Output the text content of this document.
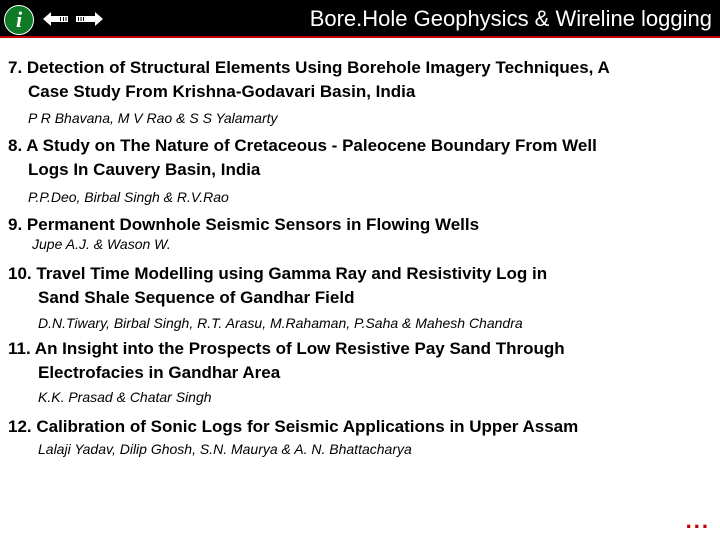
i	Bore.Hole Geophysics & Wireline logging
7. Detection of Structural Elements Using Borehole Imagery Techniques, A
Case Study From Krishna-Godavari Basin, India
P R Bhavana, M V Rao & S S Yalamarty
8. A Study on The Nature of Cretaceous - Paleocene Boundary From Well
Logs In Cauvery Basin, India
P.P.Deo, Birbal Singh & R.V.Rao
9. Permanent Downhole Seismic Sensors in Flowing Wells
Jupe A.J. & Wason W.
10. Travel Time Modelling using Gamma Ray and Resistivity Log in
Sand Shale Sequence of Gandhar Field
D.N.Tiwary, Birbal Singh, R.T. Arasu, M.Rahaman, P.Saha & Mahesh Chandra
11. An Insight into the Prospects of Low Resistive Pay Sand Through
Electrofacies in Gandhar Area
K.K. Prasad & Chatar Singh
12. Calibration of Sonic Logs for Seismic Applications in Upper Assam
Lalaji Yadav, Dilip Ghosh, S.N. Maurya & A. N. Bhattacharya
...
